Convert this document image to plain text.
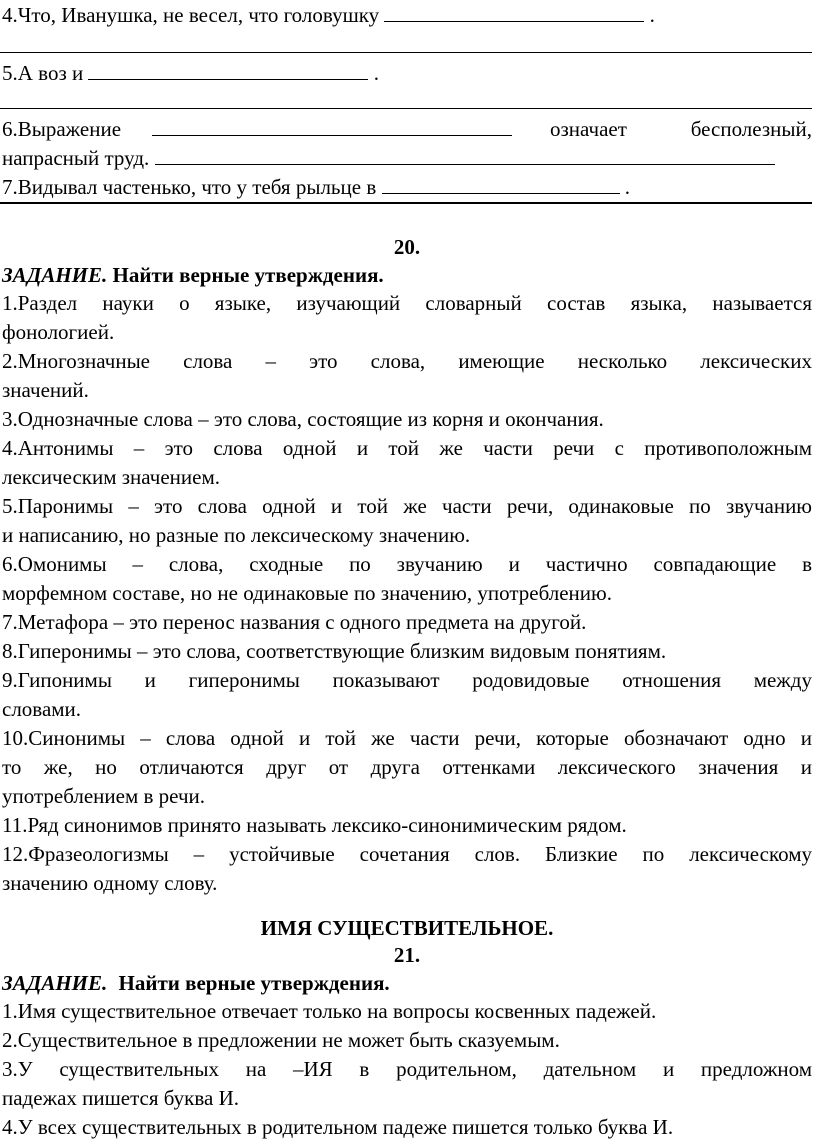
4.Что, Иванушка, не весел, что головушку	.
5.А воз и	.
6.Выражение	означает	бесполезный,
напрасный труд.
7.Видывал частенько, что у тебя рыльце в	.
20.
ЗАДАНИЕ. Найти верные утверждения.
1.Раздел науки о языке, изучающий словарный состав языка, называется
фонологией.
2.Многозначные слова – это слова, имеющие несколько лексических
значений.
3.Однозначные слова – это слова, состоящие из корня и окончания.
4.Антонимы – это слова одной и той же части речи с противоположным
лексическим значением.
5.Паронимы – это слова одной и той же части речи, одинаковые по звучанию
и написанию, но разные по лексическому значению.
6.Омонимы – слова, сходные по звучанию и частично совпадающие в
морфемном составе, но не одинаковые по значению, употреблению.
7.Метафора – это перенос названия с одного предмета на другой.
8.Гиперонимы – это слова, соответствующие близким видовым понятиям.
9.Гипонимы и гиперонимы показывают родовидовые отношения между
словами.
10.Синонимы – слова одной и той же части речи, которые обозначают одно и
то же, но отличаются друг от друга оттенками лексического значения и
употреблением в речи.
11.Ряд синонимов принято называть лексико-синонимическим рядом.
12.Фразеологизмы – устойчивые сочетания слов. Близкие по лексическому
значению одному слову.
ИМЯ СУЩЕСТВИТЕЛЬНОЕ.
21.
ЗАДАНИЕ. Найти верные утверждения.
1.Имя существительное отвечает только на вопросы косвенных падежей.
2.Существительное в предложении не может быть сказуемым.
3.У существительных на –ИЯ в родительном, дательном и предложном
падежах пишется буква И.
4.У всех существительных в родительном падеже пишется только буква И.
